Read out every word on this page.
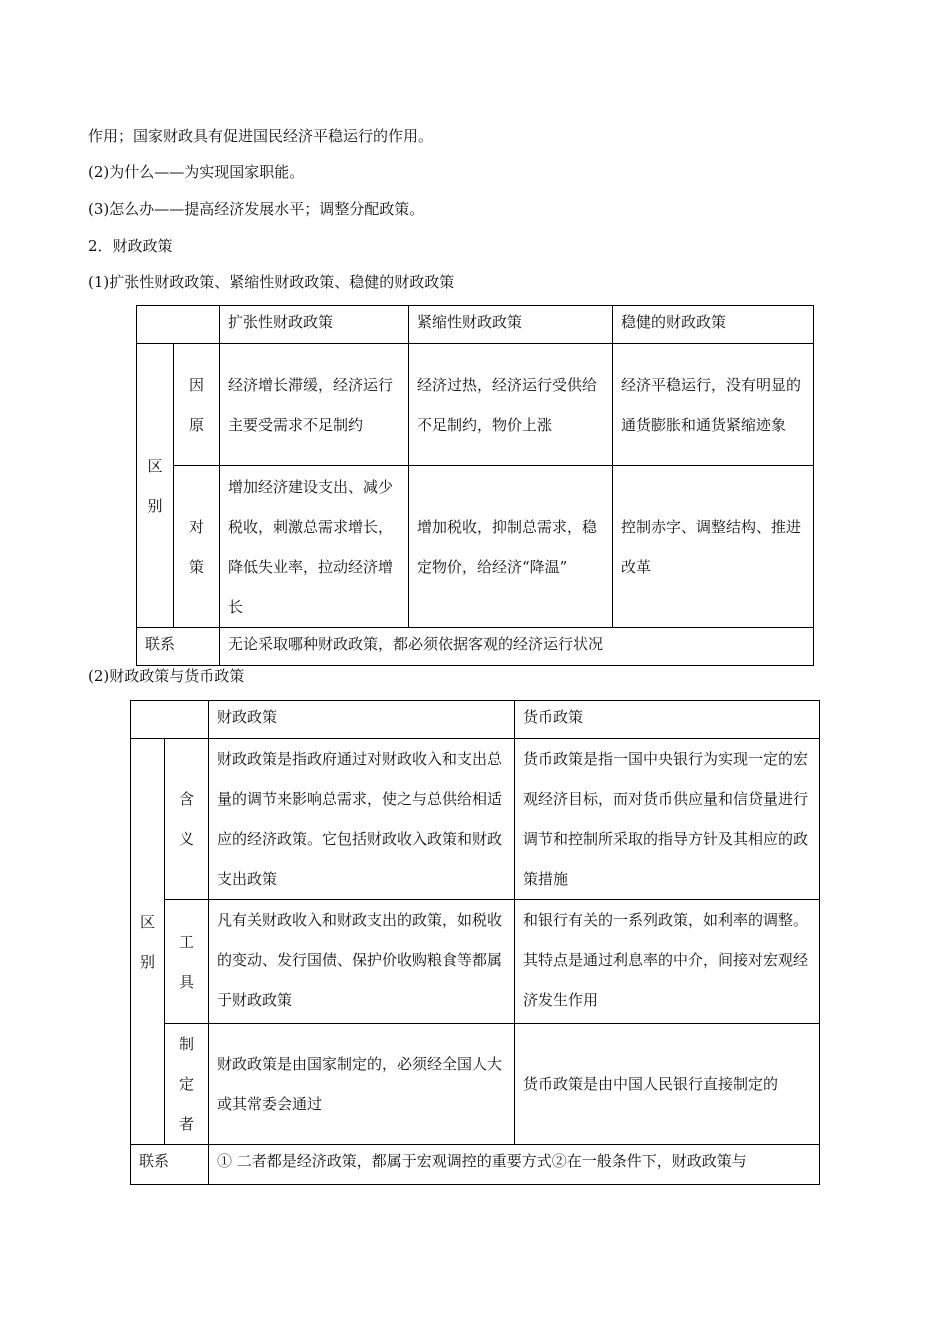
作用；国家财政具有促进国民经济平稳运行的作用。
(2)为什么——为实现国家职能。
(3)怎么办——提高经济发展水平；调整分配政策。
2．财政政策
(1)扩张性财政政策、紧缩性财政政策、稳健的财政政策
		扩张性财政政策	紧缩性财政政策	稳健的财政政策

区别	因原	经济增长滞缓，经济运行主要受需求不足制约	经济过热，经济运行受供给不足制约，物价上涨	经济平稳运行，没有明显的通货膨胀和通货紧缩迹象

	对策	增加经济建设支出、减少税收，刺激总需求增长，降低失业率，拉动经济增长	增加税收，抑制总需求，稳定物价，给经济“降温”	控制赤字、调整结构、推进改革
联系		无论采取哪种财政政策，都必须依据客观的经济运行状况		
(2)财政政策与货币政策
		财政政策	货币政策

区别	含义	财政政策是指政府通过对财政收入和支出总量的调节来影响总需求，使之与总供给相适应的经济政策。它包括财政收入政策和财政支出政策	货币政策是指一国中央银行为实现一定的宏观经济目标，而对货币供应量和信贷量进行调节和控制所采取的指导方针及其相应的政策措施

	工具	凡有关财政收入和财政支出的政策，如税收的变动、发行国债、保护价收购粮食等都属于财政政策	和银行有关的一系列政策，如利率的调整。其特点是通过利息率的中介，间接对宏观经济发生作用

	制定者	财政政策是由国家制定的，必须经全国人大或其常委会通过	货币政策是由中国人民银行直接制定的
联系		① 二者都是经济政策，都属于宏观调控的重要方式②在一般条件下，财政政策与	
